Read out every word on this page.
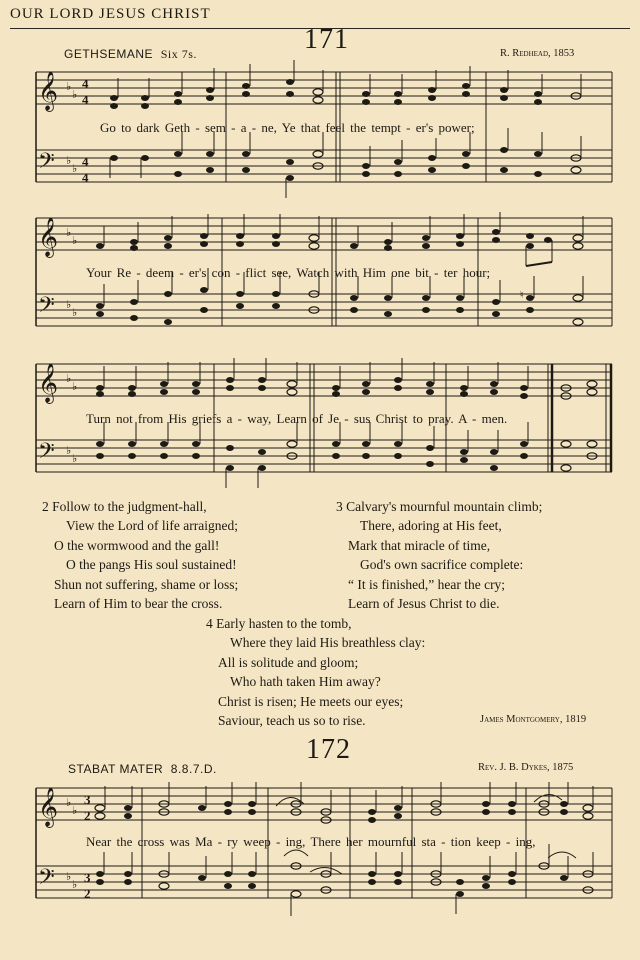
OUR LORD JESUS CHRIST
171
GETHSEMANE Six 7s.	R. Redhead, 1853
𝄞
𝄢
♭
♭
♭
♭
4
4
4
4
Go to dark Geth - sem - a - ne, Ye that feel the tempt - er's power;
𝄞
𝄢
♭
♭
♭
♭
♮
Your Re - deem - er's con - flict see, Watch with Him one bit - ter hour;
𝄞
𝄢
♭
♭
♭
♭
Turn not from His griefs a - way, Learn of Je - sus Christ to pray. A - men.
2 Follow to the judgment-hall,
View the Lord of life arraigned;
O the wormwood and the gall!
O the pangs His soul sustained!
Shun not suffering, shame or loss;
Learn of Him to bear the cross.
3 Calvary's mournful mountain climb;
There, adoring at His feet,
Mark that miracle of time,
God's own sacrifice complete:
“ It is finished,” hear the cry;
Learn of Jesus Christ to die.
4 Early hasten to the tomb,
Where they laid His breathless clay:
All is solitude and gloom;
Who hath taken Him away?
Christ is risen; He meets our eyes;
Saviour, teach us so to rise.	James Montgomery, 1819
172
STABAT MATER 8.8.7.D.	Rev. J. B. Dykes, 1875
𝄞
𝄢
♭
♭
♭
♭
3
2
3
2
Near the cross was Ma - ry weep - ing, There her mournful sta - tion keep - ing,
